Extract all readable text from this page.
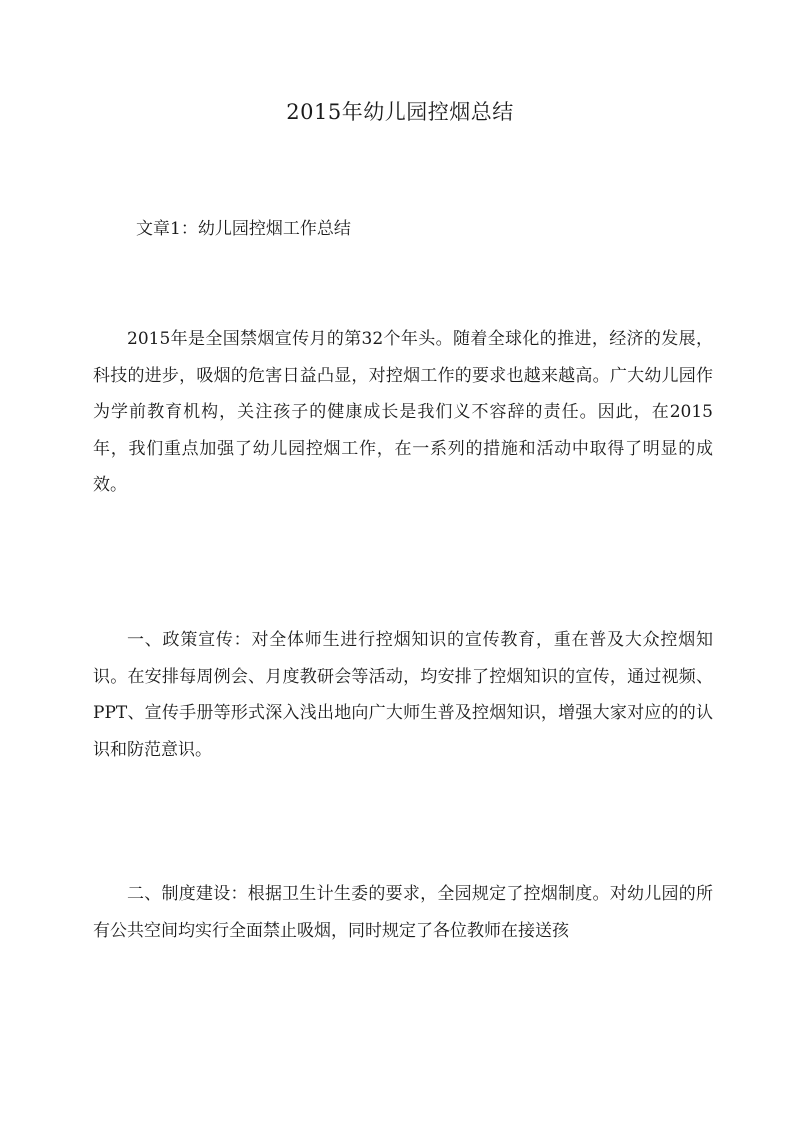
2015年幼儿园控烟总结
文章1：幼儿园控烟工作总结

2015年是全国禁烟宣传月的第32个年头。随着全球化的推进，经济的发展，科技的进步，吸烟的危害日益凸显，对控烟工作的要求也越来越高。广大幼儿园作为学前教育机构，关注孩子的健康成长是我们义不容辞的责任。因此，在2015年，我们重点加强了幼儿园控烟工作，在一系列的措施和活动中取得了明显的成效。

一、政策宣传：对全体师生进行控烟知识的宣传教育，重在普及大众控烟知识。在安排每周例会、月度教研会等活动，均安排了控烟知识的宣传，通过视频、PPT、宣传手册等形式深入浅出地向广大师生普及控烟知识，增强大家对应的的认识和防范意识。

二、制度建设：根据卫生计生委的要求，全园规定了控烟制度。对幼儿园的所有公共空间均实行全面禁止吸烟，同时规定了各位教师在接送孩
